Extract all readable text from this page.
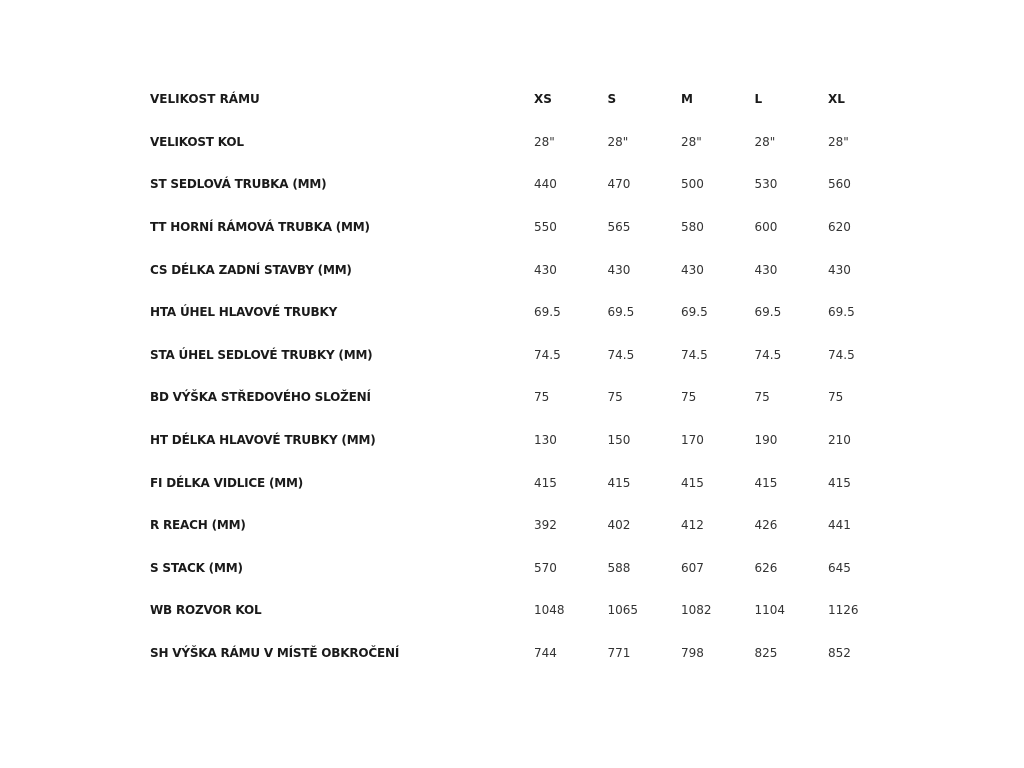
VELIKOST RÁMU	XS	S	M	L	XL
VELIKOST KOL	28"	28"	28"	28"	28"
ST SEDLOVÁ TRUBKA (MM)	440	470	500	530	560
TT HORNÍ RÁMOVÁ TRUBKA (MM)	550	565	580	600	620
CS DÉLKA ZADNÍ STAVBY (MM)	430	430	430	430	430
HTA ÚHEL HLAVOVÉ TRUBKY	69.5	69.5	69.5	69.5	69.5
STA ÚHEL SEDLOVÉ TRUBKY (MM)	74.5	74.5	74.5	74.5	74.5
BD VÝŠKA STŘEDOVÉHO SLOŽENÍ	75	75	75	75	75
HT DÉLKA HLAVOVÉ TRUBKY (MM)	130	150	170	190	210
FI DÉLKA VIDLICE (MM)	415	415	415	415	415
R REACH (MM)	392	402	412	426	441
S STACK (MM)	570	588	607	626	645
WB ROZVOR KOL	1048	1065	1082	1104	1126
SH VÝŠKA RÁMU V MÍSTĚ OBKROČENÍ	744	771	798	825	852
